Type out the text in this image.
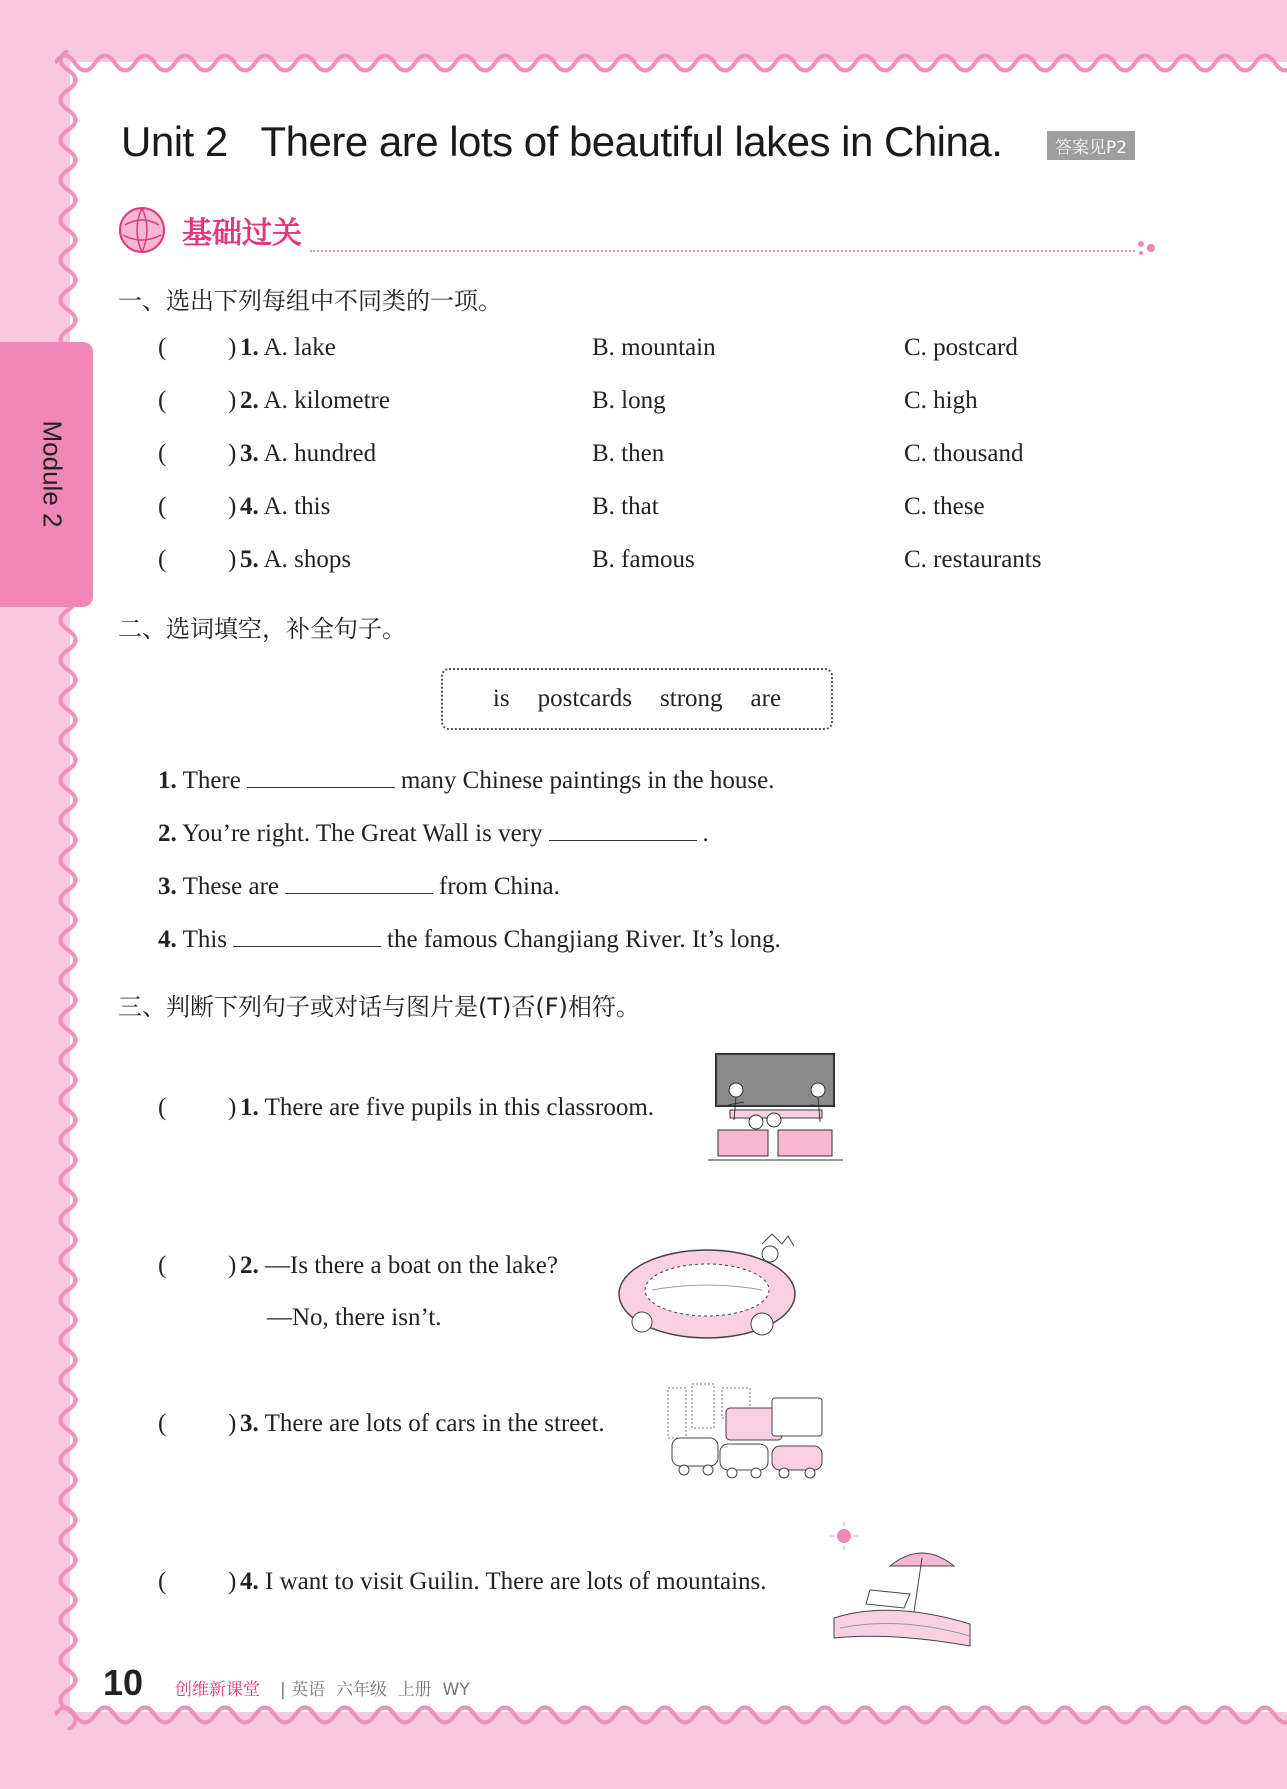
Module 2
Unit 2   There are lots of beautiful lakes in China.	答案见P2
基础过关
一、选出下列每组中不同类的一项。
( ) 1. A. lake	B. mountain	C. postcard
( ) 2. A. kilometre	B. long	C. high
( ) 3. A. hundred	B. then	C. thousand
( ) 4. A. this	B. that	C. these
( ) 5. A. shops	B. famous	C. restaurants
二、选词填空，补全句子。
is postcards strong are
1. There	many Chinese paintings in the house.
2. You’re right. The Great Wall is very	.
3. These are	from China.
4. This	the famous Changjiang River. It’s long.
三、判断下列句子或对话与图片是(T)否(F)相符。
( ) 1. There are five pupils in this classroom.
( ) 2. —Is there a boat on the lake?
—No, there isn’t.
( ) 3. There are lots of cars in the street.
( ) 4. I want to visit Guilin. There are lots of mountains.
10 创维新课堂 | 英语  六年级  上册  WY
